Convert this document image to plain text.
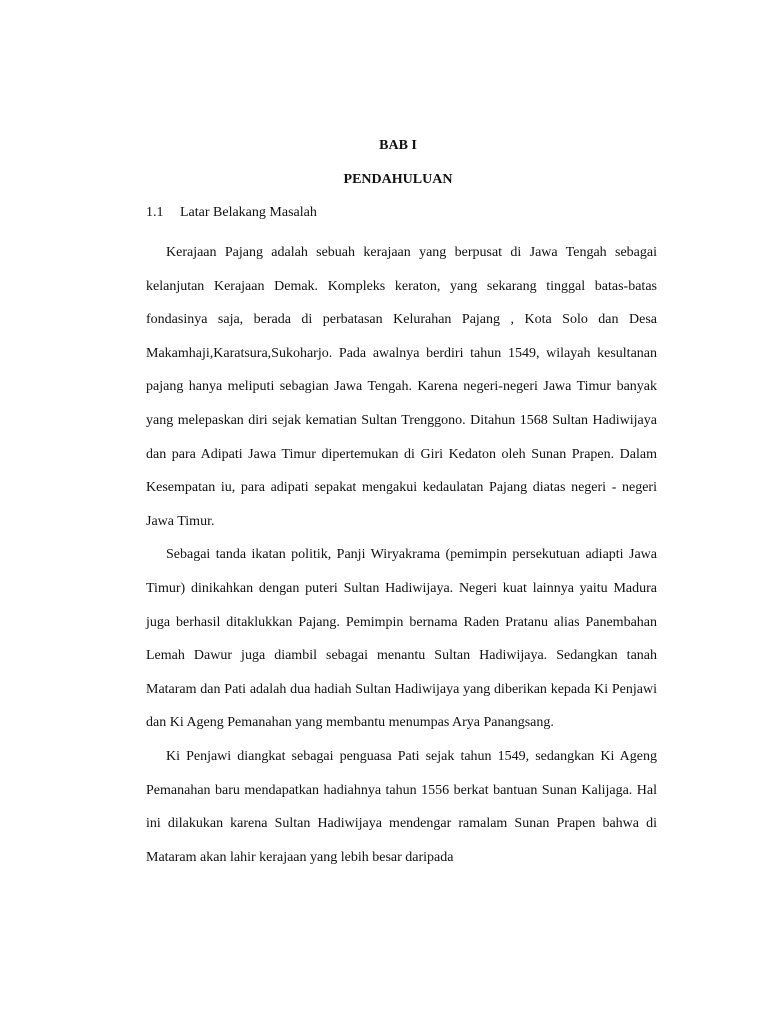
BAB I
PENDAHULUAN
1.1 Latar Belakang Masalah

Kerajaan Pajang adalah sebuah kerajaan yang berpusat di Jawa Tengah sebagai kelanjutan Kerajaan Demak. Kompleks keraton, yang sekarang tinggal batas-batas fondasinya saja, berada di perbatasan Kelurahan Pajang , Kota Solo dan Desa Makamhaji,Karatsura,Sukoharjo. Pada awalnya berdiri tahun 1549, wilayah kesultanan pajang hanya meliputi sebagian Jawa Tengah. Karena negeri-negeri Jawa Timur banyak yang melepaskan diri sejak kematian Sultan Trenggono. Ditahun 1568 Sultan Hadiwijaya dan para Adipati Jawa Timur dipertemukan di Giri Kedaton oleh Sunan Prapen. Dalam Kesempatan iu, para adipati sepakat mengakui kedaulatan Pajang diatas negeri - negeri Jawa Timur.

Sebagai tanda ikatan politik, Panji Wiryakrama (pemimpin persekutuan adiapti Jawa Timur) dinikahkan dengan puteri Sultan Hadiwijaya. Negeri kuat lainnya yaitu Madura juga berhasil ditaklukkan Pajang. Pemimpin bernama Raden Pratanu alias Panembahan Lemah Dawur juga diambil sebagai menantu Sultan Hadiwijaya. Sedangkan tanah Mataram dan Pati adalah dua hadiah Sultan Hadiwijaya yang diberikan kepada Ki Penjawi dan Ki Ageng Pemanahan yang membantu menumpas Arya Panangsang.

Ki Penjawi diangkat sebagai penguasa Pati sejak tahun 1549, sedangkan Ki Ageng Pemanahan baru mendapatkan hadiahnya tahun 1556 berkat bantuan Sunan Kalijaga. Hal ini dilakukan karena Sultan Hadiwijaya mendengar ramalam Sunan Prapen bahwa di Mataram akan lahir kerajaan yang lebih besar daripada
